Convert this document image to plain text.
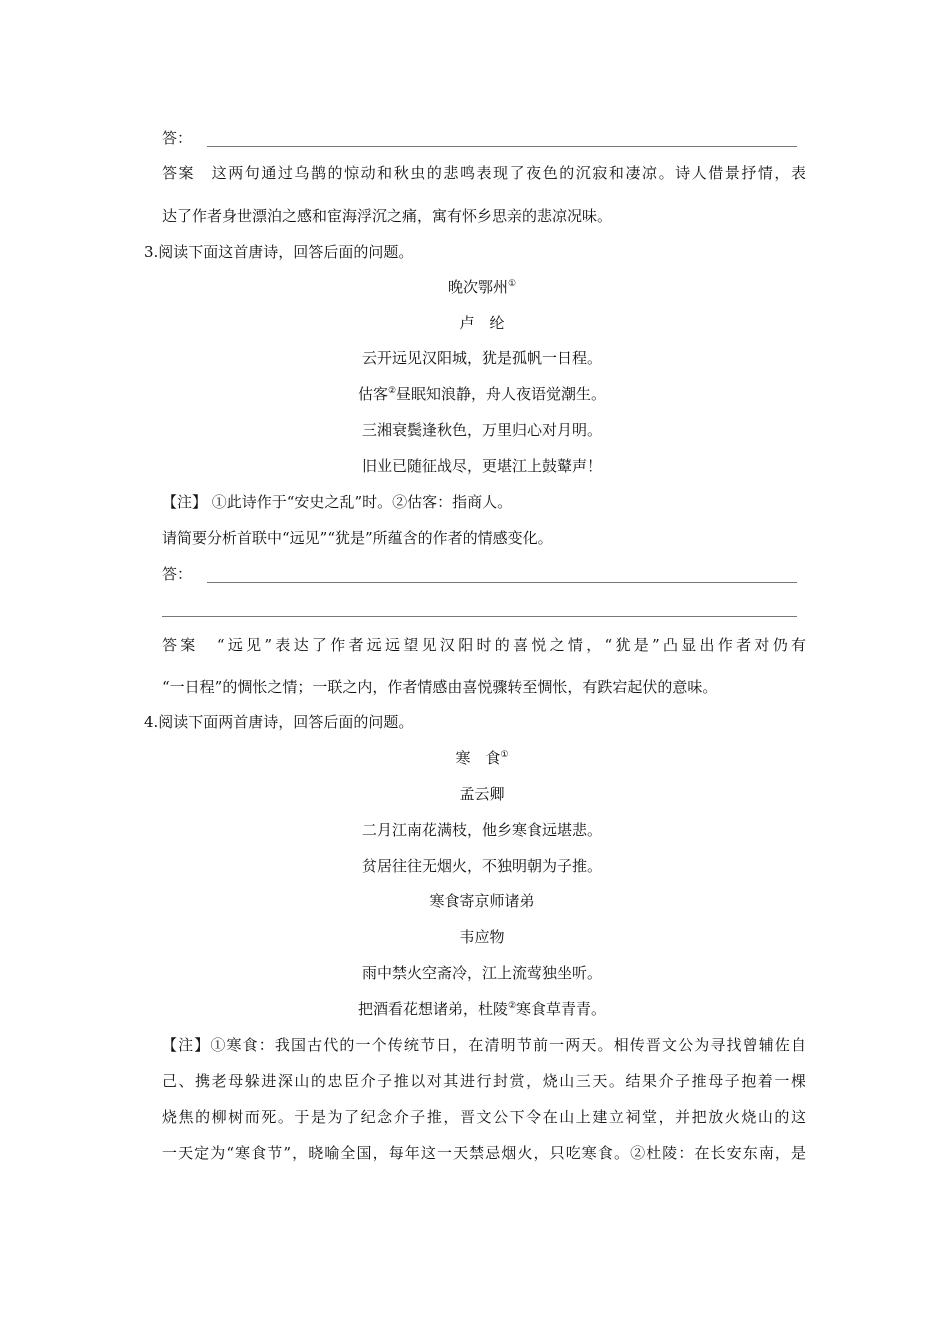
答：
答案　这两句通过乌鹊的惊动和秋虫的悲鸣表现了夜色的沉寂和凄凉。诗人借景抒情，表
达了作者身世漂泊之感和宦海浮沉之痛，寓有怀乡思亲的悲凉况味。
3.阅读下面这首唐诗，回答后面的问题。
晚次鄂州①
卢　纶
云开远见汉阳城，犹是孤帆一日程。
估客②昼眠知浪静，舟人夜语觉潮生。
三湘衰鬓逢秋色，万里归心对月明。
旧业已随征战尽，更堪江上鼓鼙声！
【注】 ①此诗作于“安史之乱”时。②估客：指商人。
请简要分析首联中“远见”“犹是”所蕴含的作者的情感变化。
答：
答案　“远见”表达了作者远远望见汉阳时的喜悦之情，“犹是”凸显出作者对仍有
“一日程”的惆怅之情；一联之内，作者情感由喜悦骤转至惆怅，有跌宕起伏的意味。
4.阅读下面两首唐诗，回答后面的问题。
寒　食①
孟云卿
二月江南花满枝，他乡寒食远堪悲。
贫居往往无烟火，不独明朝为子推。
寒食寄京师诸弟
韦应物
雨中禁火空斋冷，江上流莺独坐听。
把酒看花想诸弟，杜陵②寒食草青青。
【注】①寒食：我国古代的一个传统节日，在清明节前一两天。相传晋文公为寻找曾辅佐自
己、携老母躲进深山的忠臣介子推以对其进行封赏，烧山三天。结果介子推母子抱着一棵
烧焦的柳树而死。于是为了纪念介子推，晋文公下令在山上建立祠堂，并把放火烧山的这
一天定为“寒食节”，晓喻全国，每年这一天禁忌烟火，只吃寒食。②杜陵：在长安东南，是
